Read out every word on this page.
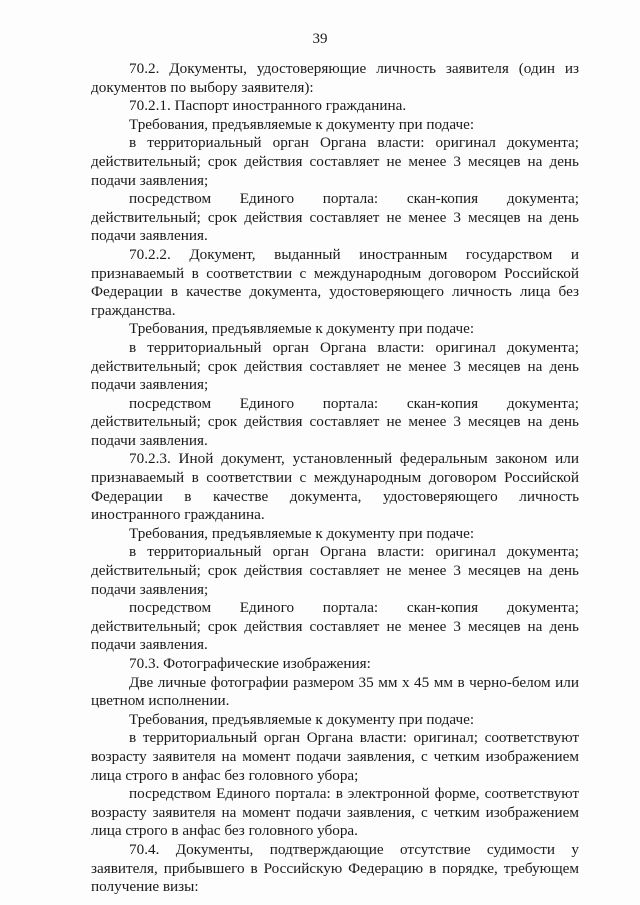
39

70.2. Документы, удостоверяющие личность заявителя (один из документов по выбору заявителя):

70.2.1. Паспорт иностранного гражданина.

Требования, предъявляемые к документу при подаче:

в территориальный орган Органа власти: оригинал документа; действительный; срок действия составляет не менее 3 месяцев на день подачи заявления;

посредством Единого портала: скан-копия документа; действительный; срок действия составляет не менее 3 месяцев на день подачи заявления.

70.2.2. Документ, выданный иностранным государством и признаваемый в соответствии с международным договором Российской Федерации в качестве документа, удостоверяющего личность лица без гражданства.

Требования, предъявляемые к документу при подаче:

в территориальный орган Органа власти: оригинал документа; действительный; срок действия составляет не менее 3 месяцев на день подачи заявления;

посредством Единого портала: скан-копия документа; действительный; срок действия составляет не менее 3 месяцев на день подачи заявления.

70.2.3. Иной документ, установленный федеральным законом или признаваемый в соответствии с международным договором Российской Федерации в качестве документа, удостоверяющего личность иностранного гражданина.

Требования, предъявляемые к документу при подаче:

в территориальный орган Органа власти: оригинал документа; действительный; срок действия составляет не менее 3 месяцев на день подачи заявления;

посредством Единого портала: скан-копия документа; действительный; срок действия составляет не менее 3 месяцев на день подачи заявления.

70.3. Фотографические изображения:

Две личные фотографии размером 35 мм x 45 мм в черно-белом или цветном исполнении.

Требования, предъявляемые к документу при подаче:

в территориальный орган Органа власти: оригинал; соответствуют возрасту заявителя на момент подачи заявления, с четким изображением лица строго в анфас без головного убора;

посредством Единого портала: в электронной форме, соответствуют возрасту заявителя на момент подачи заявления, с четким изображением лица строго в анфас без головного убора.

70.4. Документы, подтверждающие отсутствие судимости у заявителя, прибывшего в Российскую Федерацию в порядке, требующем получение визы:
